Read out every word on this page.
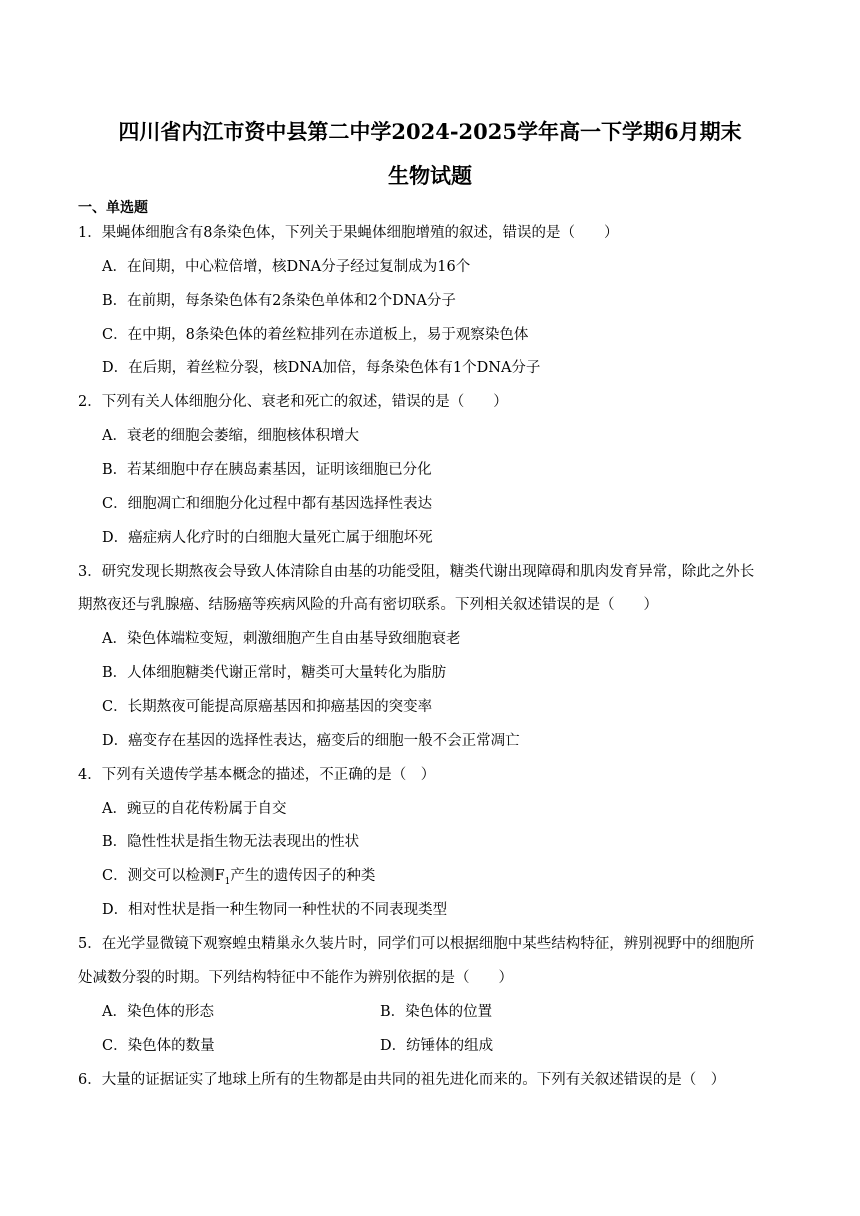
四川省内江市资中县第二中学2024-2025学年高一下学期6月期末
生物试题
一、单选题
1．果蝇体细胞含有8条染色体，下列关于果蝇体细胞增殖的叙述，错误的是（　　）
A．在间期，中心粒倍增，核DNA分子经过复制成为16个
B．在前期，每条染色体有2条染色单体和2个DNA分子
C．在中期，8条染色体的着丝粒排列在赤道板上，易于观察染色体
D．在后期，着丝粒分裂，核DNA加倍，每条染色体有1个DNA分子
2．下列有关人体细胞分化、衰老和死亡的叙述，错误的是（　　）
A．衰老的细胞会萎缩，细胞核体积增大
B．若某细胞中存在胰岛素基因，证明该细胞已分化
C．细胞凋亡和细胞分化过程中都有基因选择性表达
D．癌症病人化疗时的白细胞大量死亡属于细胞坏死
3．研究发现长期熬夜会导致人体清除自由基的功能受阻，糖类代谢出现障碍和肌肉发育异常，除此之外长
期熬夜还与乳腺癌、结肠癌等疾病风险的升高有密切联系。下列相关叙述错误的是（　　）
A．染色体端粒变短，刺激细胞产生自由基导致细胞衰老
B．人体细胞糖类代谢正常时，糖类可大量转化为脂肪
C．长期熬夜可能提高原癌基因和抑癌基因的突变率
D．癌变存在基因的选择性表达，癌变后的细胞一般不会正常凋亡
4．下列有关遗传学基本概念的描述，不正确的是（　）
A．豌豆的自花传粉属于自交
B．隐性性状是指生物无法表现出的性状
C．测交可以检测$F_1$产生的遗传因子的种类
D．相对性状是指一种生物同一种性状的不同表现类型
5．在光学显微镜下观察蝗虫精巢永久装片时，同学们可以根据细胞中某些结构特征，辨别视野中的细胞所
处减数分裂的时期。下列结构特征中不能作为辨别依据的是（　　）
A．染色体的形态	B．染色体的位置
C．染色体的数量	D．纺锤体的组成
6．大量的证据证实了地球上所有的生物都是由共同的祖先进化而来的。下列有关叙述错误的是（　）
